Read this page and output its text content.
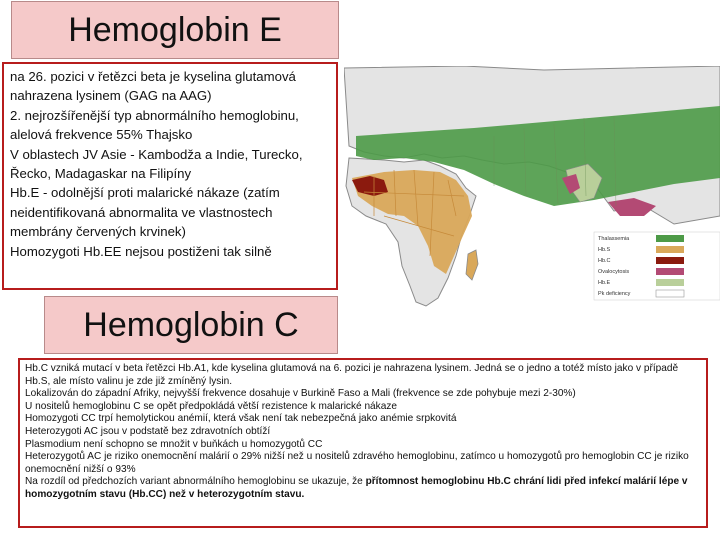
Hemoglobin E

na 26. pozici v řetězci beta je kyselina glutamová nahrazena lysinem (GAG na AAG)

2. nejrozšířenější typ abnormálního hemoglobinu, alelová frekvence 55% Thajsko

V oblastech JV Asie - Kambodža a Indie, Turecko, Řecko, Madagaskar na Filipíny

Hb.E - odolnější proti malarické nákaze (zatím neidentifikovaná abnormalita ve vlastnostech membrány červených krvinek)

Homozygoti Hb.EE nejsou postiženi tak silně

Thalassemia
Hb.S
Hb.C
Ovalocytosis
Hb.E
Pk deficiency
Hemoglobin C

Hb.C vzniká mutací v beta řetězci Hb.A1, kde kyselina glutamová na 6. pozici je nahrazena lysinem. Jedná se o jedno a totéž místo jako v případě Hb.S, ale místo valinu je zde již zmíněný lysin.

Lokalizován do západní Afriky, nejvyšší frekvence dosahuje v Burkině Faso a Mali (frekvence se zde pohybuje mezi 2-30%)

U nositelů hemoglobinu C se opět předpokládá větší rezistence k malarické nákaze

Homozygoti CC trpí hemolytickou anémií, která však není tak nebezpečná jako anémie srpkovitá

Heterozygoti AC jsou v podstatě bez zdravotních obtíží

Plasmodium není schopno se množit v buňkách u homozygotů CC

Heterozygotů AC je riziko onemocnění malárií o 29% nižší než u nositelů zdravého hemoglobinu, zatímco u homozygotů pro hemoglobin CC je riziko onemocnění nižší o 93%

Na rozdíl od předchozích variant abnormálního hemoglobinu se ukazuje, že přítomnost hemoglobinu Hb.C chrání lidi před infekcí malárií lépe v homozygotním stavu (Hb.CC) než v heterozygotním stavu.
